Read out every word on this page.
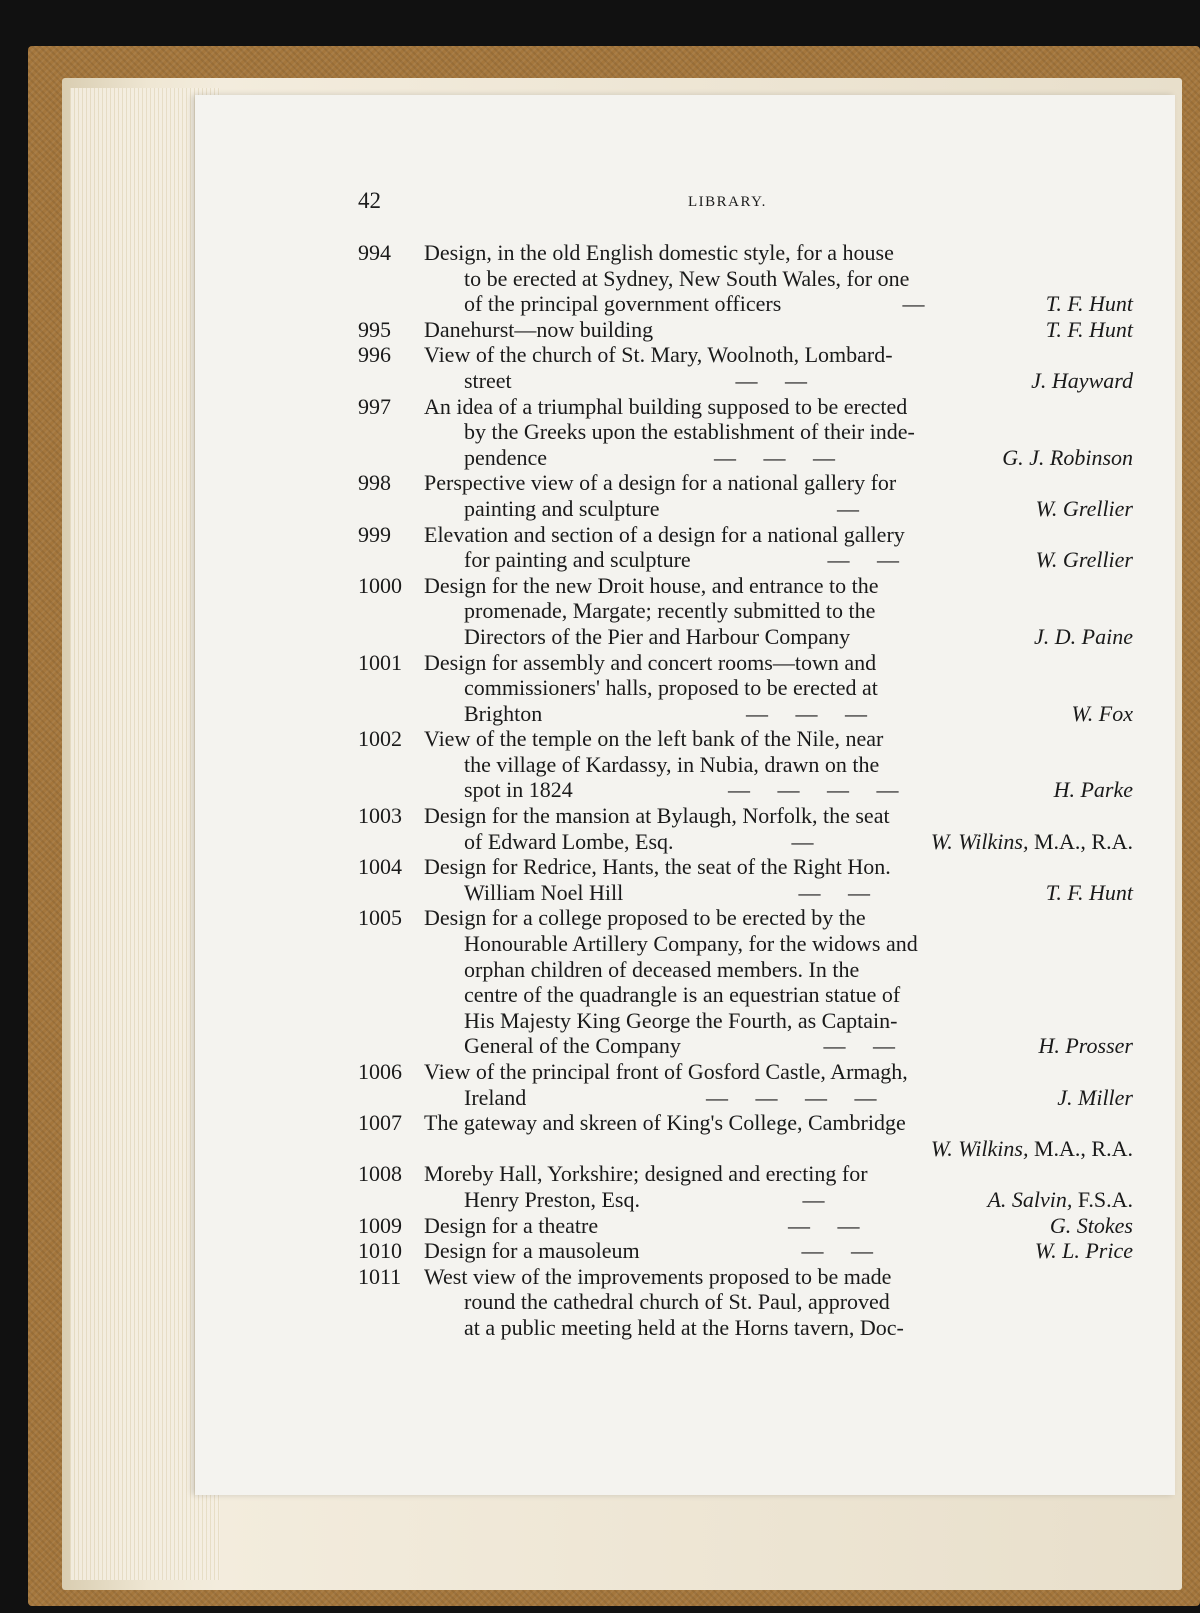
42	LIBRARY.
994 Design, in the old English domestic style, for a house
to be erected at Sydney, New South Wales, for one
of the principal government officers	—	T. F. Hunt
995 Danehurst—now building	T. F. Hunt
996 View of the church of St. Mary, Woolnoth, Lombard-
street	—     —	J. Hayward
997 An idea of a triumphal building supposed to be erected
by the Greeks upon the establishment of their inde-
pendence	—     —     —	G. J. Robinson
998 Perspective view of a design for a national gallery for
painting and sculpture	—	W. Grellier
999 Elevation and section of a design for a national gallery
for painting and sculpture	—     —	W. Grellier
1000 Design for the new Droit house, and entrance to the
promenade, Margate; recently submitted to the
Directors of the Pier and Harbour Company	J. D. Paine
1001 Design for assembly and concert rooms—town and
commissioners' halls, proposed to be erected at
Brighton	—     —     —	W. Fox
1002 View of the temple on the left bank of the Nile, near
the village of Kardassy, in Nubia, drawn on the
spot in 1824	—     —     —     —	H. Parke
1003 Design for the mansion at Bylaugh, Norfolk, the seat
of Edward Lombe, Esq.	—	W. Wilkins, M.A., R.A.
1004 Design for Redrice, Hants, the seat of the Right Hon.
William Noel Hill	—     —	T. F. Hunt
1005 Design for a college proposed to be erected by the
Honourable Artillery Company, for the widows and
orphan children of deceased members. In the
centre of the quadrangle is an equestrian statue of
His Majesty King George the Fourth, as Captain-
General of the Company	—     —	H. Prosser
1006 View of the principal front of Gosford Castle, Armagh,
Ireland	—     —     —     —	J. Miller
1007 The gateway and skreen of King's College, Cambridge
W. Wilkins, M.A., R.A.
1008 Moreby Hall, Yorkshire; designed and erecting for
Henry Preston, Esq.	—	A. Salvin, F.S.A.
1009 Design for a theatre	—     —	G. Stokes
1010 Design for a mausoleum	—     —	W. L. Price
1011 West view of the improvements proposed to be made
round the cathedral church of St. Paul, approved
at a public meeting held at the Horns tavern, Doc-
